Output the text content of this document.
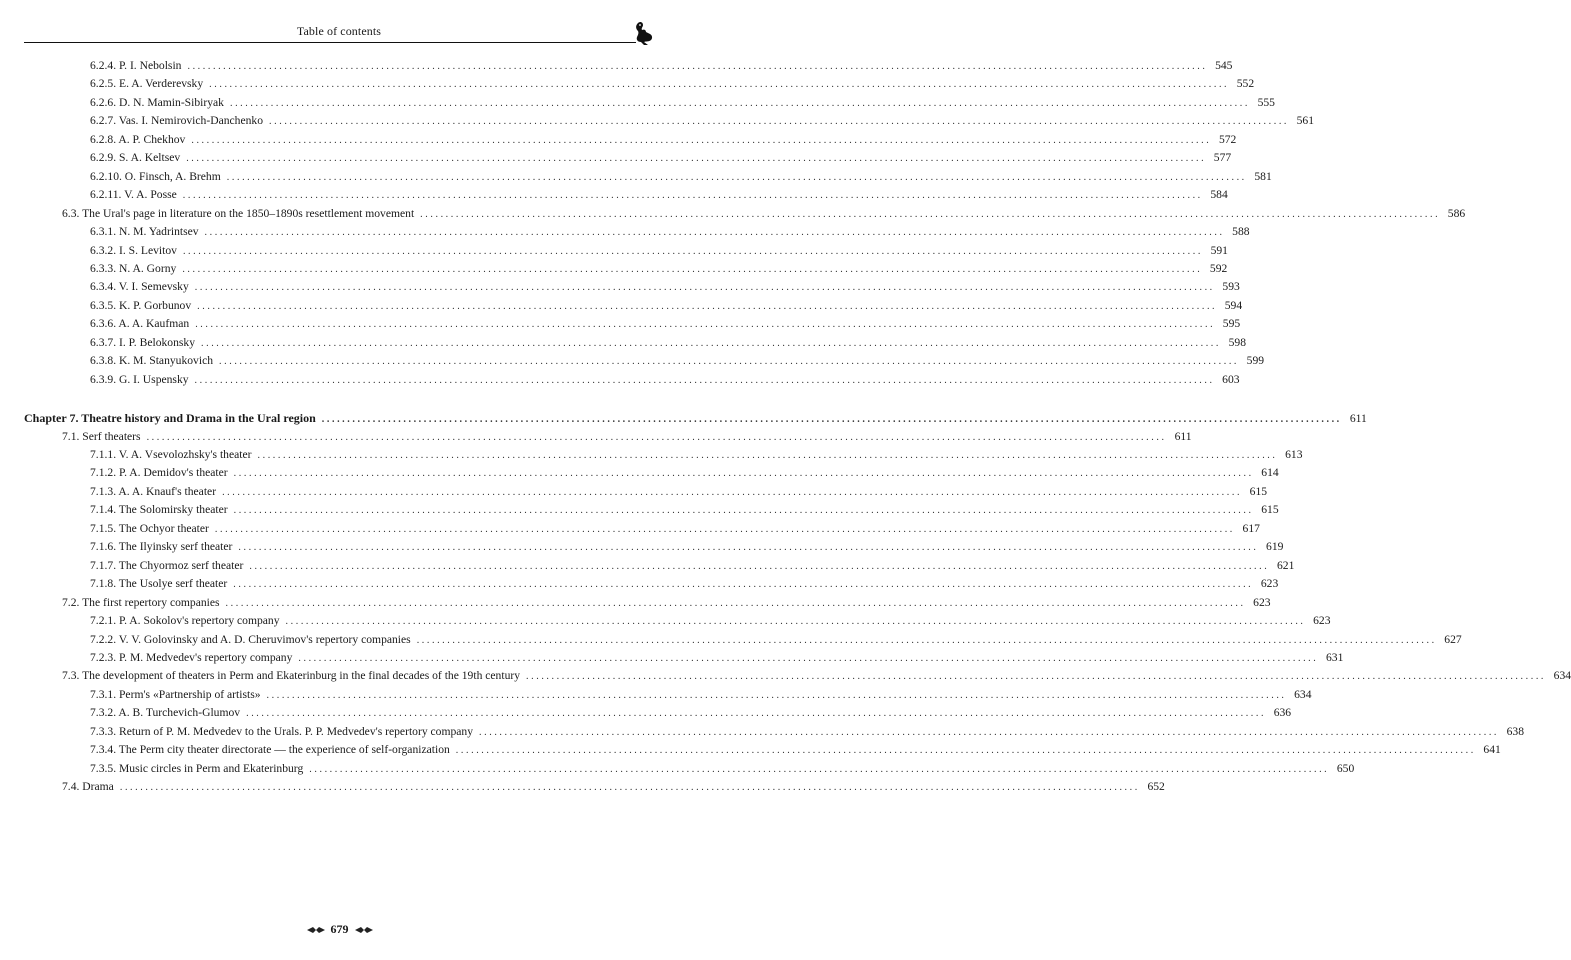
Table of contents
6.2.4. P. I. Nebolsin ........................................................................................................................................................................................................ 545
6.2.5. E. A. Verderevsky ........................................................................................................................................................................................................ 552
6.2.6. D. N. Mamin-Sibiryak ........................................................................................................................................................................................................ 555
6.2.7. Vas. I. Nemirovich-Danchenko ........................................................................................................................................................................................................ 561
6.2.8. A. P. Chekhov ........................................................................................................................................................................................................ 572
6.2.9. S. A. Keltsev ........................................................................................................................................................................................................ 577
6.2.10. O. Finsch, A. Brehm ........................................................................................................................................................................................................ 581
6.2.11. V. A. Posse ........................................................................................................................................................................................................ 584
6.3. The Ural's page in literature on the 1850–1890s resettlement movement ........................................................................................................................................................................................................ 586
6.3.1. N. M. Yadrintsev ........................................................................................................................................................................................................ 588
6.3.2. I. S. Levitov ........................................................................................................................................................................................................ 591
6.3.3. N. A. Gorny ........................................................................................................................................................................................................ 592
6.3.4. V. I. Semevsky ........................................................................................................................................................................................................ 593
6.3.5. K. P. Gorbunov ........................................................................................................................................................................................................ 594
6.3.6. A. A. Kaufman ........................................................................................................................................................................................................ 595
6.3.7. I. P. Belokonsky ........................................................................................................................................................................................................ 598
6.3.8. K. M. Stanyukovich ........................................................................................................................................................................................................ 599
6.3.9. G. I. Uspensky ........................................................................................................................................................................................................ 603
Chapter 7. Theatre history and Drama in the Ural region ........................................................................................................................................................................................................ 611
7.1. Serf theaters ........................................................................................................................................................................................................ 611
7.1.1. V. A. Vsevolozhsky's theater ........................................................................................................................................................................................................ 613
7.1.2. P. A. Demidov's theater ........................................................................................................................................................................................................ 614
7.1.3. A. A. Knauf's theater ........................................................................................................................................................................................................ 615
7.1.4. The Solomirsky theater ........................................................................................................................................................................................................ 615
7.1.5. The Ochyor theater ........................................................................................................................................................................................................ 617
7.1.6. The Ilyinsky serf theater ........................................................................................................................................................................................................ 619
7.1.7. The Chyormoz serf theater ........................................................................................................................................................................................................ 621
7.1.8. The Usolye serf theater ........................................................................................................................................................................................................ 623
7.2. The first repertory companies ........................................................................................................................................................................................................ 623
7.2.1. P. A. Sokolov's repertory company ........................................................................................................................................................................................................ 623
7.2.2. V. V. Golovinsky and A. D. Cheruvimov's repertory companies ........................................................................................................................................................................................................ 627
7.2.3. P. M. Medvedev's repertory company ........................................................................................................................................................................................................ 631
7.3. The development of theaters in Perm and Ekaterinburg in the final decades of the 19th century ........................................................................................................................................................................................................ 634
7.3.1. Perm's «Partnership of artists» ........................................................................................................................................................................................................ 634
7.3.2. A. B. Turchevich-Glumov ........................................................................................................................................................................................................ 636
7.3.3. Return of P. M. Medvedev to the Urals. P. P. Medvedev's repertory company ........................................................................................................................................................................................................ 638
7.3.4. The Perm city theater directorate — the experience of self-organization ........................................................................................................................................................................................................ 641
7.3.5. Music circles in Perm and Ekaterinburg ........................................................................................................................................................................................................ 650
7.4. Drama ........................................................................................................................................................................................................ 652
679
